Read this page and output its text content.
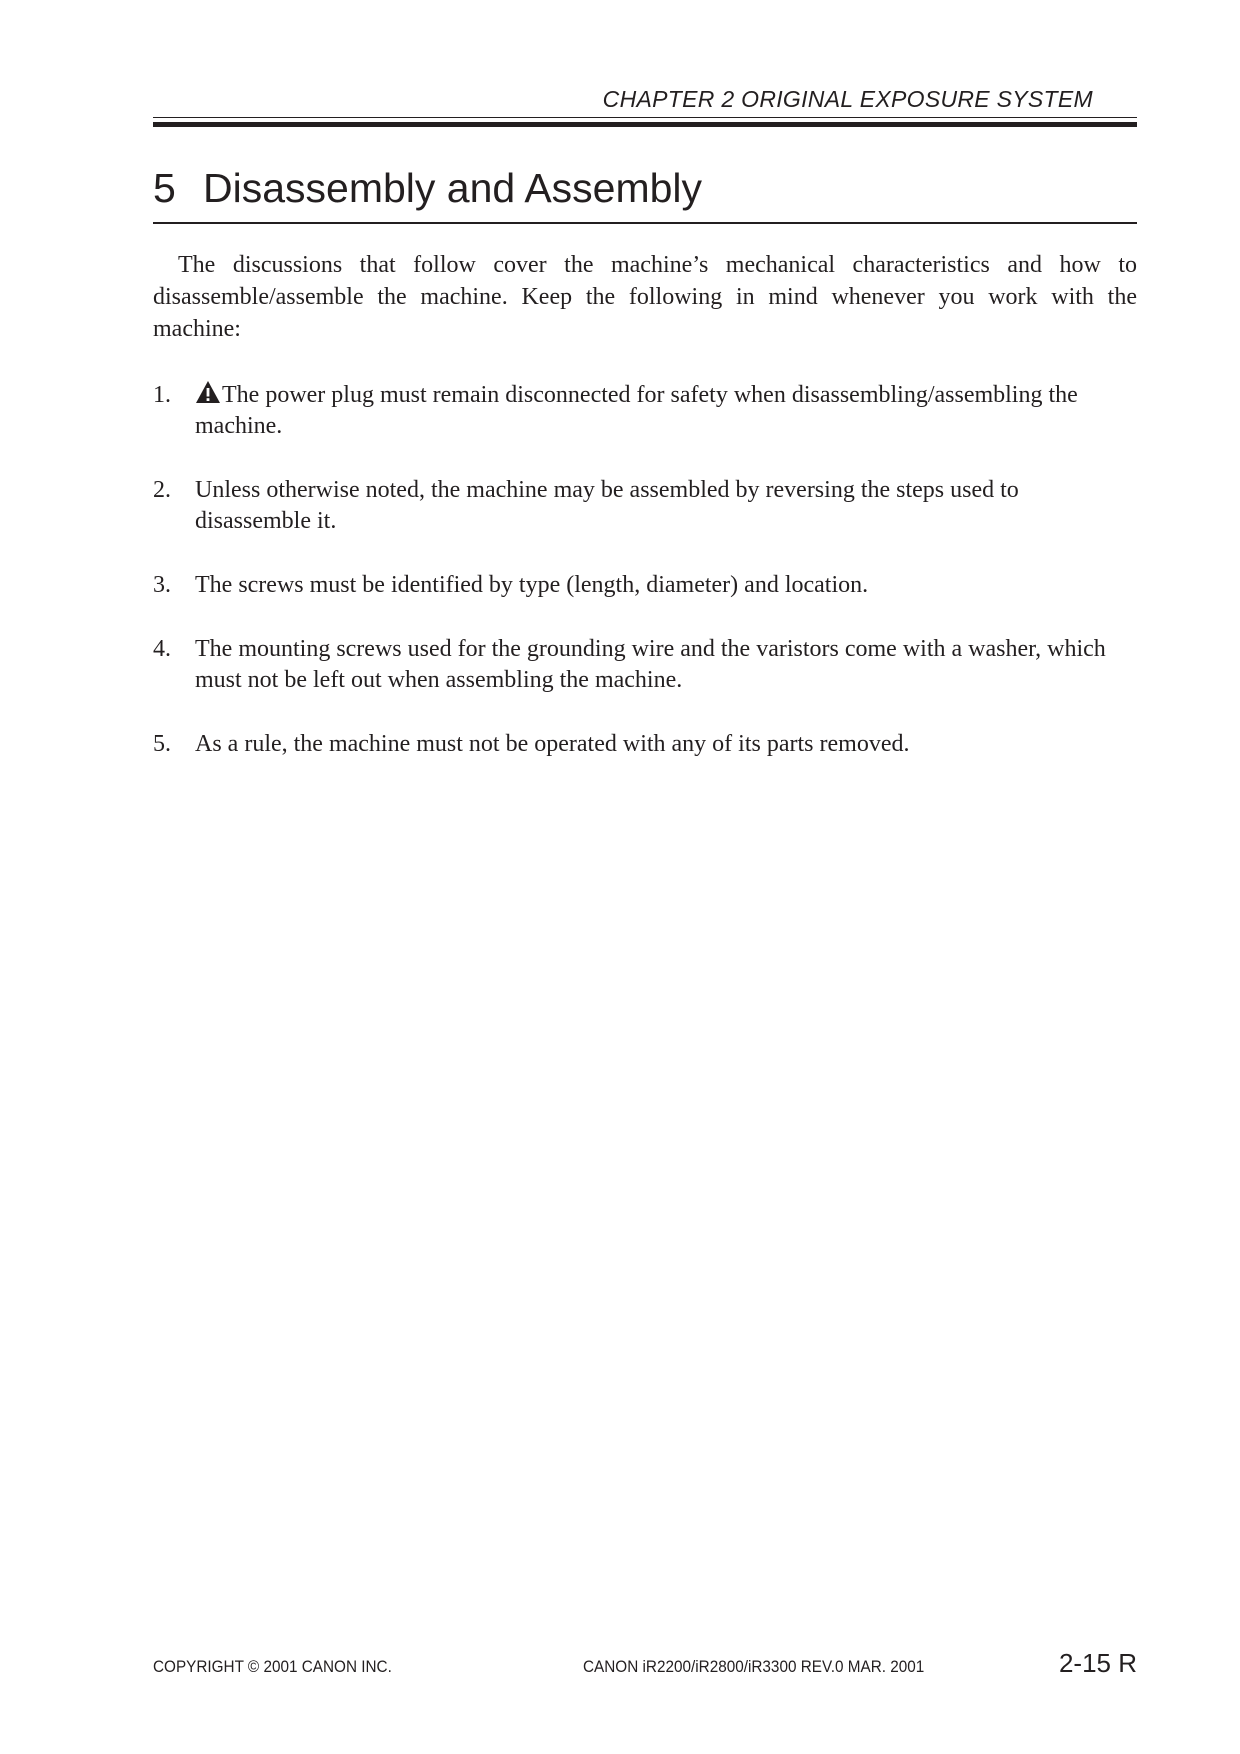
CHAPTER 2 ORIGINAL EXPOSURE SYSTEM
5 Disassembly and Assembly

The discussions that follow cover the machine’s mechanical characteristics and how to disassemble/assemble the machine. Keep the following in mind whenever you work with the machine:

1. The power plug must remain disconnected for safety when disassembling/assembling the machine.
2. Unless otherwise noted, the machine may be assembled by reversing the steps used to disassemble it.
3. The screws must be identified by type (length, diameter) and location.
4. The mounting screws used for the grounding wire and the varistors come with a washer, which must not be left out when assembling the machine.
5. As a rule, the machine must not be operated with any of its parts removed.
COPYRIGHT © 2001 CANON INC.	CANON iR2200/iR2800/iR3300 REV.0 MAR. 2001	2-15 R
